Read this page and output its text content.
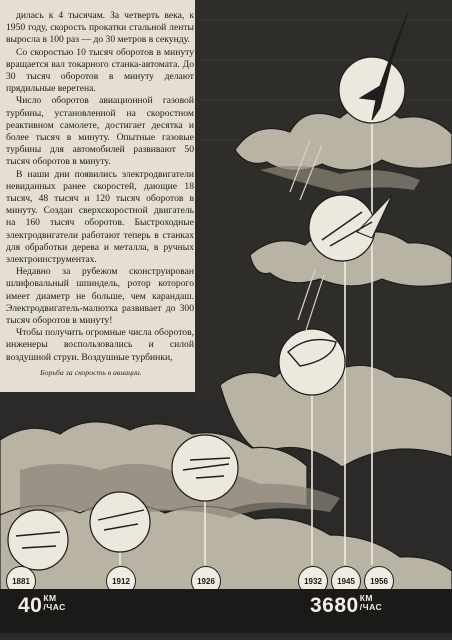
дилась к 4 тысячам. За четверть века, к 1950 году, скорость прокатки стальной ленты выросла в 100 раз — до 30 метров в секунду.

Со скоростью 10 тысяч оборотов в минуту вращается вал токарного станка-автомата. До 30 тысяч оборотов в минуту делают прядильные веретена.

Число оборотов авиационной газовой турбины, установленной на скоростном реактивном самолете, достигает десятка и более тысяч в минуту. Опытные газовые турбины для автомобилей развивают 50 тысяч оборотов в минуту.

В наши дни появились электродвигатели невиданных ранее скоростей, дающие 18 тысяч, 48 тысяч и 120 тысяч оборотов в минуту. Создан сверхскоростной двигатель на 160 тысяч оборотов. Быстроходные электродвигатели работают теперь в станках для обработки дерева и металла, в ручных электроинструментах.

Недавно за рубежом сконструирован шлифовальный шпиндель, ротор которого имеет диаметр не больше, чем карандаш. Электродвигатель-малютка развивает до 300 тысяч оборотов в минуту!

Чтобы получить огромные числа оборотов, инженеры воспользовались и силой воздушной струи. Воздушные турбинки,

Борьба за скорость в авиации.
1881	1912	1926	1932	1945	1956
40КМ
/ЧАС	3680КМ
/ЧАС
